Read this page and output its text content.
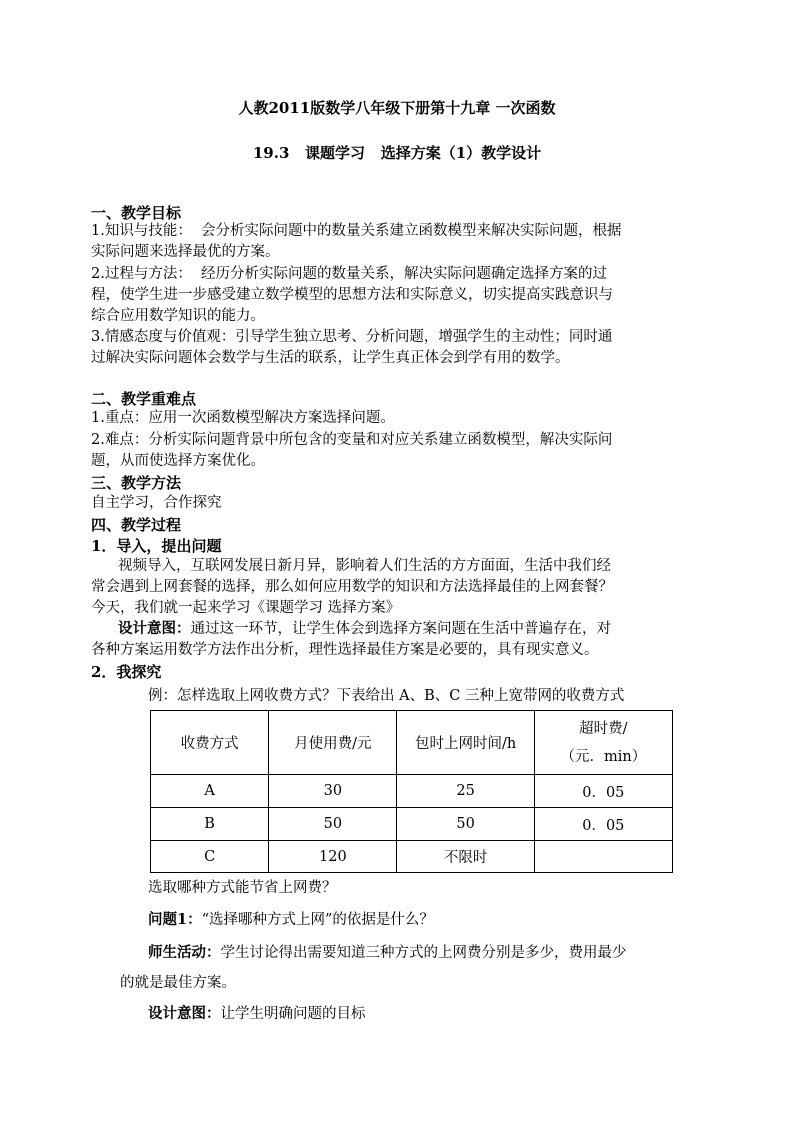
人教2011版数学八年级下册第十九章 一次函数
19.3   课题学习   选择方案（1）教学设计
一、教学目标
1.知识与技能：  会分析实际问题中的数量关系建立函数模型来解决实际问题，根据
实际问题来选择最优的方案。
2.过程与方法：  经历分析实际问题的数量关系，解决实际问题确定选择方案的过
程，使学生进一步感受建立数学模型的思想方法和实际意义，切实提高实践意识与
综合应用数学知识的能力。
3.情感态度与价值观：引导学生独立思考、分析问题，增强学生的主动性；同时通
过解决实际问题体会数学与生活的联系，让学生真正体会到学有用的数学。
二、教学重难点
1.重点：应用一次函数模型解决方案选择问题。
2.难点：分析实际问题背景中所包含的变量和对应关系建立函数模型，解决实际问
题，从而使选择方案优化。
三、教学方法
自主学习，合作探究
四、教学过程
1．导入，提出问题
视频导入，互联网发展日新月异，影响着人们生活的方方面面，生活中我们经
常会遇到上网套餐的选择，那么如何应用数学的知识和方法选择最佳的上网套餐？
今天，我们就一起来学习《课题学习 选择方案》
设计意图：通过这一环节，让学生体会到选择方案问题在生活中普遍存在，对
各种方案运用数学方法作出分析，理性选择最佳方案是必要的，具有现实意义。
2．我探究
例：怎样选取上网收费方式？下表给出 A、B、C 三种上宽带网的收费方式
收费方式	月使用费/元	包时上网时间/h	超时费/
（元．min）
A	30	25	0．05
B	50	50	0．05
C	120	不限时	
选取哪种方式能节省上网费？
问题1：“选择哪种方式上网”的依据是什么？
师生活动：学生讨论得出需要知道三种方式的上网费分别是多少，费用最少
的就是最佳方案。
设计意图：让学生明确问题的目标
